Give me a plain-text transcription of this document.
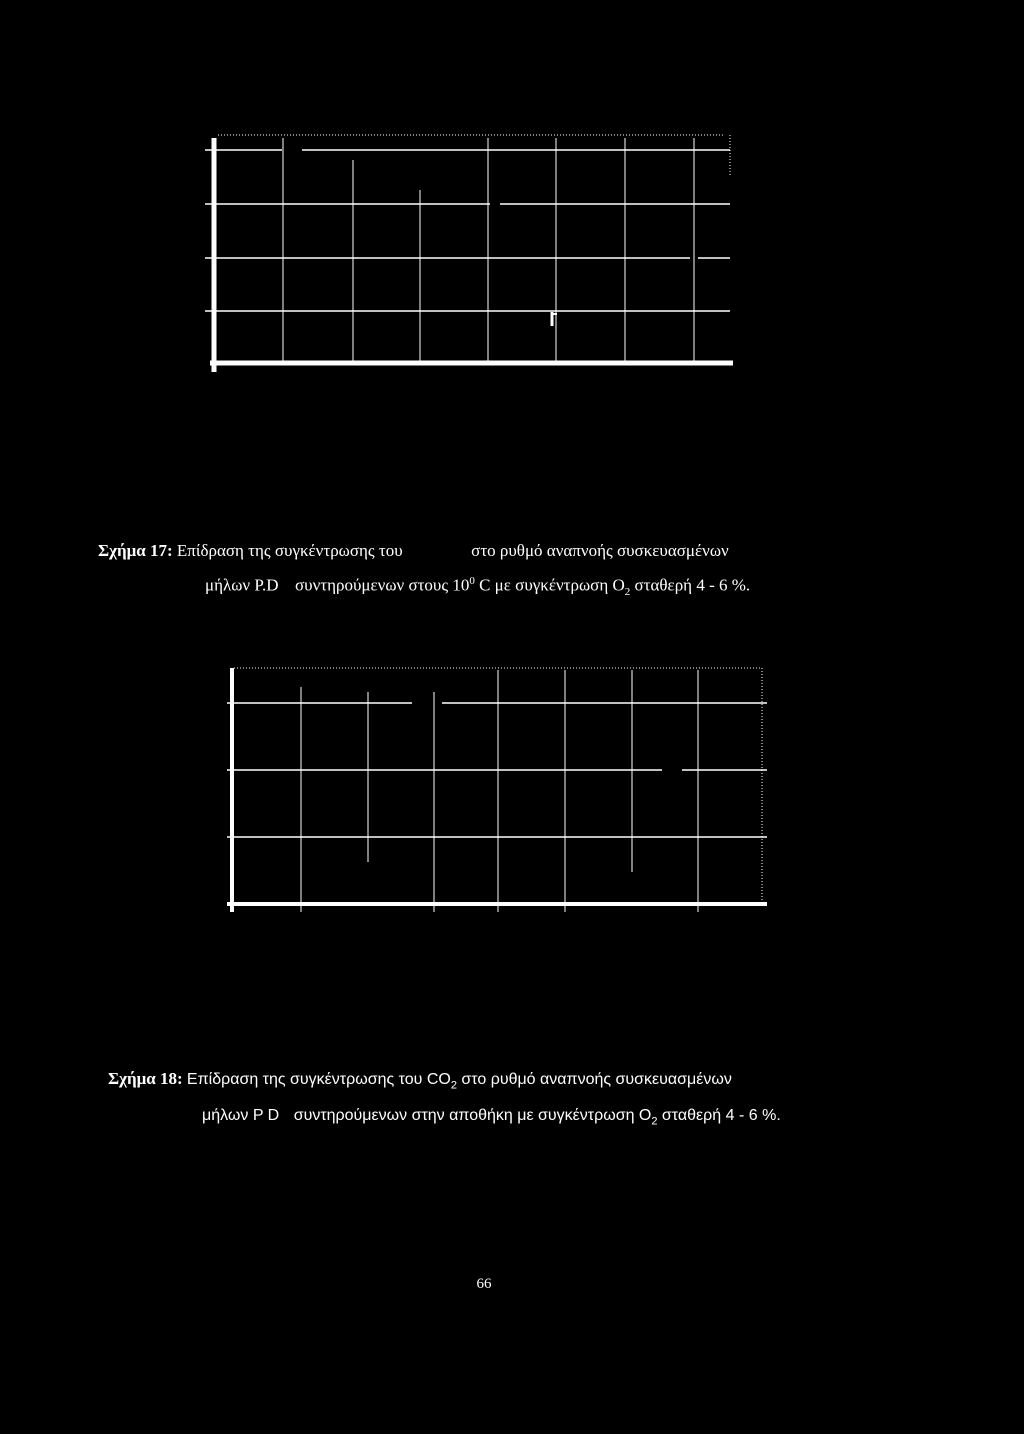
Σχήμα 17: Επίδραση της συγκέντρωσης του	στο ρυθμό αναπνοής συσκευασμένων
μήλων P.D συντηρούμενων στους $10^0$ C με συγκέντρωση $O_2$ σταθερή 4 - 6 %.
Σχήμα 18: Επίδραση της συγκέντρωσης του $CO_2$ στο ρυθμό αναπνοής συσκευασμένων
μήλων P D συντηρούμενων στην αποθήκη με συγκέντρωση $O_2$ σταθερή 4 - 6 %.
66
